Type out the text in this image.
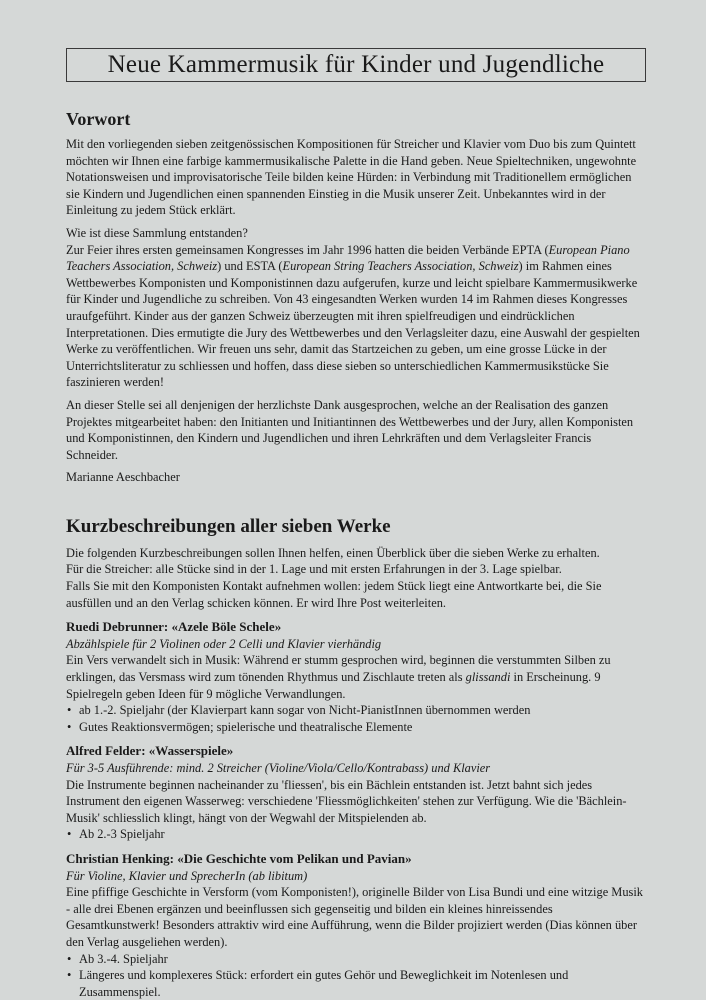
Neue Kammermusik für Kinder und Jugendliche
Vorwort

Mit den vorliegenden sieben zeitgenössischen Kompositionen für Streicher und Klavier vom Duo bis zum Quintett möchten wir Ihnen eine farbige kammermusikalische Palette in die Hand geben. Neue Spieltechniken, ungewohnte Notationsweisen und improvisatorische Teile bilden keine Hürden: in Verbindung mit Traditionellem ermöglichen sie Kindern und Jugendlichen einen spannenden Einstieg in die Musik unserer Zeit. Unbekanntes wird in der Einleitung zu jedem Stück erklärt.

Wie ist diese Sammlung entstanden?

Zur Feier ihres ersten gemeinsamen Kongresses im Jahr 1996 hatten die beiden Verbände EPTA (European Piano Teachers Association, Schweiz) und ESTA (European String Teachers Association, Schweiz) im Rahmen eines Wettbewerbes Komponisten und Komponistinnen dazu aufgerufen, kurze und leicht spielbare Kammermusikwerke für Kinder und Jugendliche zu schreiben. Von 43 eingesandten Werken wurden 14 im Rahmen dieses Kongresses uraufgeführt. Kinder aus der ganzen Schweiz überzeugten mit ihren spielfreudigen und eindrücklichen Interpretationen. Dies ermutigte die Jury des Wettbewerbes und den Verlagsleiter dazu, eine Auswahl der gespielten Werke zu veröffentlichen. Wir freuen uns sehr, damit das Startzeichen zu geben, um eine grosse Lücke in der Unterrichtsliteratur zu schliessen und hoffen, dass diese sieben so unterschiedlichen Kammermusikstücke Sie faszinieren werden!

An dieser Stelle sei all denjenigen der herzlichste Dank ausgesprochen, welche an der Realisation des ganzen Projektes mitgearbeitet haben: den Initianten und Initiantinnen des Wettbewerbes und der Jury, allen Komponisten und Komponistinnen, den Kindern und Jugendlichen und ihren Lehrkräften und dem Verlagsleiter Francis Schneider.

Marianne Aeschbacher

Kurzbeschreibungen aller sieben Werke
Die folgenden Kurzbeschreibungen sollen Ihnen helfen, einen Überblick über die sieben Werke zu erhalten.
Für die Streicher: alle Stücke sind in der 1. Lage und mit ersten Erfahrungen in der 3. Lage spielbar.
Falls Sie mit den Komponisten Kontakt aufnehmen wollen: jedem Stück liegt eine Antwortkarte bei, die Sie ausfüllen und an den Verlag schicken können. Er wird Ihre Post weiterleiten.
Ruedi Debrunner: «Azele Böle Schele»
Abzählspiele für 2 Violinen oder 2 Celli und Klavier vierhändig
Ein Vers verwandelt sich in Musik: Während er stumm gesprochen wird, beginnen die verstummten Silben zu erklingen, das Versmass wird zum tönenden Rhythmus und Zischlaute treten als glissandi in Erscheinung. 9 Spielregeln geben Ideen für 9 mögliche Verwandlungen.
• ab 1.-2. Spieljahr (der Klavierpart kann sogar von Nicht-PianistInnen übernommen werden
• Gutes Reaktionsvermögen; spielerische und theatralische Elemente
Alfred Felder: «Wasserspiele»
Für 3-5 Ausführende: mind. 2 Streicher (Violine/Viola/Cello/Kontrabass) und Klavier
Die Instrumente beginnen nacheinander zu 'fliessen', bis ein Bächlein entstanden ist. Jetzt bahnt sich jedes Instrument den eigenen Wasserweg: verschiedene 'Fliessmöglichkeiten' stehen zur Verfügung. Wie die 'Bächlein-Musik' schliesslich klingt, hängt von der Wegwahl der Mitspielenden ab.
• Ab 2.-3 Spieljahr
Christian Henking: «Die Geschichte vom Pelikan und Pavian»
Für Violine, Klavier und SprecherIn (ab libitum)
Eine pfiffige Geschichte in Versform (vom Komponisten!), originelle Bilder von Lisa Bundi und eine witzige Musik - alle drei Ebenen ergänzen und beeinflussen sich gegenseitig und bilden ein kleines hinreissendes Gesamtkunstwerk! Besonders attraktiv wird eine Aufführung, wenn die Bilder projiziert werden (Dias können über den Verlag ausgeliehen werden).
• Ab 3.-4. Spieljahr
• Längeres und komplexeres Stück: erfordert ein gutes Gehör und Beweglichkeit im Notenlesen und Zusammenspiel.
